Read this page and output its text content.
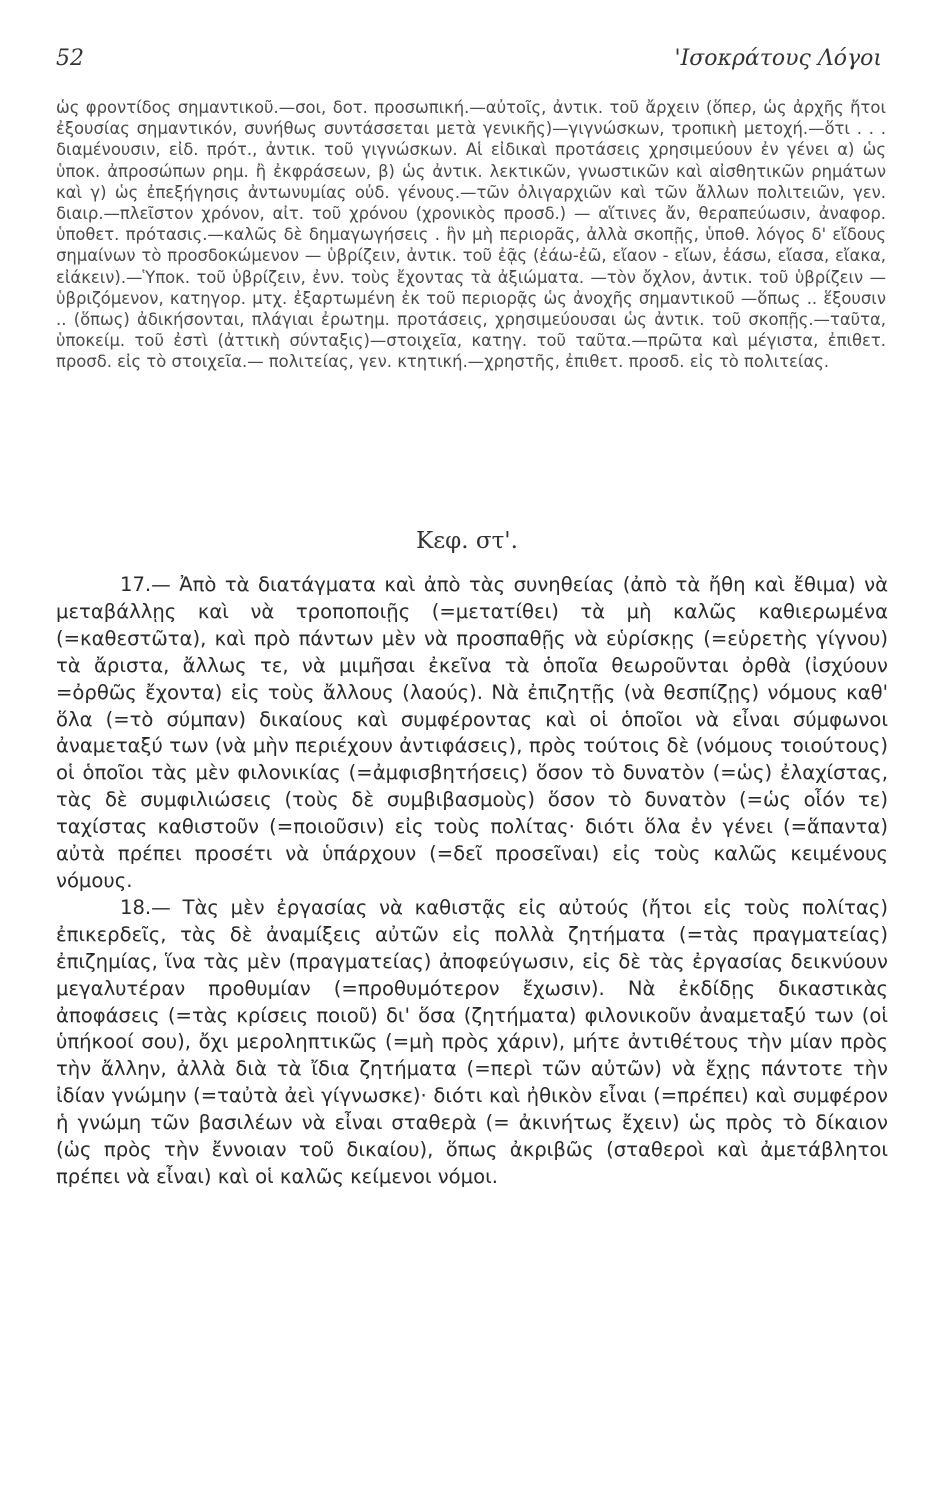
52	'Ισοκράτους Λόγοι

ὡς φροντίδος σημαντικοῦ.—σοι, δοτ. προσωπική.—αὐτοῖς, ἀντικ. τοῦ ἄρχειν (ὅπερ, ὡς ἀρχῆς ἤτοι ἐξουσίας σημαντικόν, συνήθως συντάσσεται μετὰ γενικῆς)—γιγνώσκων, τροπικὴ μετοχή.—ὅτι . . . διαμένουσιν, εἰδ. πρότ., ἀντικ. τοῦ γιγνώσκων. Αἱ εἰδικαὶ προτάσεις χρησιμεύουν ἐν γένει α) ὡς ὑποκ. ἀπροσώπων ρημ. ἢ ἐκφράσεων, β) ὡς ἀντικ. λεκτικῶν, γνωστικῶν καὶ αἰσθητικῶν ρημάτων καὶ γ) ὡς ἐπεξήγησις ἀντωνυμίας οὐδ. γένους.—τῶν ὀλιγαρχιῶν καὶ τῶν ἄλλων πολιτειῶν, γεν. διαιρ.—πλεῖστον χρόνον, αἰτ. τοῦ χρόνου (χρονικὸς προσδ.) — αἵτινες ἄν, θεραπεύωσιν, ἀναφορ. ὑποθετ. πρότασις.—καλῶς δὲ δημαγωγήσεις . ἣν μὴ περιορᾶς, ἀλλὰ σκοπῇς, ὑποθ. λόγος δ' εἴδους σημαίνων τὸ προσδοκώμενον — ὑβρίζειν, ἀντικ. τοῦ ἐᾷς (ἐάω-ἐῶ, εἴαον - εἴων, ἐάσω, εἴασα, εἴακα, εἰάκειν).—Ὑποκ. τοῦ ὑβρίζειν, ἐνν. τοὺς ἔχοντας τὰ ἀξιώματα. —τὸν ὄχλον, ἀντικ. τοῦ ὑβρίζειν — ὑβριζόμενον, κατηγορ. μτχ. ἐξαρτωμένη ἐκ τοῦ περιορᾷς ὡς ἀνοχῆς σημαντικοῦ —ὅπως .. ἕξουσιν .. (ὅπως) ἀδικήσονται, πλάγιαι ἐρωτημ. προτάσεις, χρησιμεύουσαι ὡς ἀντικ. τοῦ σκοπῇς.—ταῦτα, ὑποκείμ. τοῦ ἐστὶ (ἀττικὴ σύνταξις)—στοιχεῖα, κατηγ. τοῦ ταῦτα.—πρῶτα καὶ μέγιστα, ἐπιθετ. προσδ. εἰς τὸ στοιχεῖα.— πολιτείας, γεν. κτητική.—χρηστῆς, ἐπιθετ. προσδ. εἰς τὸ πολιτείας.

Κεφ. στ'.

17.— Ἀπὸ τὰ διατάγματα καὶ ἀπὸ τὰς συνηθείας (ἀπὸ τὰ ἤθη καὶ ἔθιμα) νὰ μεταβάλλῃς καὶ νὰ τροποποιῇς (=μετατίθει) τὰ μὴ καλῶς καθιερωμένα (=καθεστῶτα), καὶ πρὸ πάντων μὲν νὰ προσπαθῇς νὰ εὑρίσκῃς (=εὑρετὴς γίγνου) τὰ ἄριστα, ἄλλως τε, νὰ μιμῆσαι ἐκεῖνα τὰ ὁποῖα θεωροῦνται ὀρθὰ (ἰσχύουν =ὀρθῶς ἔχοντα) εἰς τοὺς ἄλλους (λαούς). Νὰ ἐπιζητῇς (νὰ θεσπίζῃς) νόμους καθ' ὅλα (=τὸ σύμπαν) δικαίους καὶ συμφέροντας καὶ οἱ ὁποῖοι νὰ εἶναι σύμφωνοι ἀναμεταξύ των (νὰ μὴν περιέχουν ἀντιφάσεις), πρὸς τούτοις δὲ (νόμους τοιούτους) οἱ ὁποῖοι τὰς μὲν φιλονικίας (=ἀμφισβητήσεις) ὅσον τὸ δυνατὸν (=ὡς) ἐλαχίστας, τὰς δὲ συμφιλιώσεις (τοὺς δὲ συμβιβασμοὺς) ὅσον τὸ δυνατὸν (=ὡς οἷόν τε) ταχίστας καθιστοῦν (=ποιοῦσιν) εἰς τοὺς πολίτας· διότι ὅλα ἐν γένει (=ἅπαντα) αὐτὰ πρέπει προσέτι νὰ ὑπάρχουν (=δεῖ προσεῖναι) εἰς τοὺς καλῶς κειμένους νόμους.

18.— Τὰς μὲν ἐργασίας νὰ καθιστᾷς εἰς αὐτούς (ἤτοι εἰς τοὺς πολίτας) ἐπικερδεῖς, τὰς δὲ ἀναμίξεις αὐτῶν εἰς πολλὰ ζητήματα (=τὰς πραγματείας) ἐπιζημίας, ἵνα τὰς μὲν (πραγματείας) ἀποφεύγωσιν, εἰς δὲ τὰς ἐργασίας δεικνύουν μεγαλυτέραν προθυμίαν (=προθυμότερον ἔχωσιν). Νὰ ἐκδίδῃς δικαστικὰς ἀποφάσεις (=τὰς κρίσεις ποιοῦ) δι' ὅσα (ζητήματα) φιλονικοῦν ἀναμεταξύ των (οἱ ὑπήκοοί σου), ὄχι μεροληπτικῶς (=μὴ πρὸς χάριν), μήτε ἀντιθέτους τὴν μίαν πρὸς τὴν ἄλλην, ἀλλὰ διὰ τὰ ἴδια ζητήματα (=περὶ τῶν αὐτῶν) νὰ ἔχῃς πάντοτε τὴν ἰδίαν γνώμην (=ταὐτὰ ἀεὶ γίγνωσκε)· διότι καὶ ἠθικὸν εἶναι (=πρέπει) καὶ συμφέρον ἡ γνώμη τῶν βασιλέων νὰ εἶναι σταθερὰ (= ἀκινήτως ἔχειν) ὡς πρὸς τὸ δίκαιον (ὡς πρὸς τὴν ἔννοιαν τοῦ δικαίου), ὅπως ἀκριβῶς (σταθεροὶ καὶ ἀμετάβλητοι πρέπει νὰ εἶναι) καὶ οἱ καλῶς κείμενοι νόμοι.
